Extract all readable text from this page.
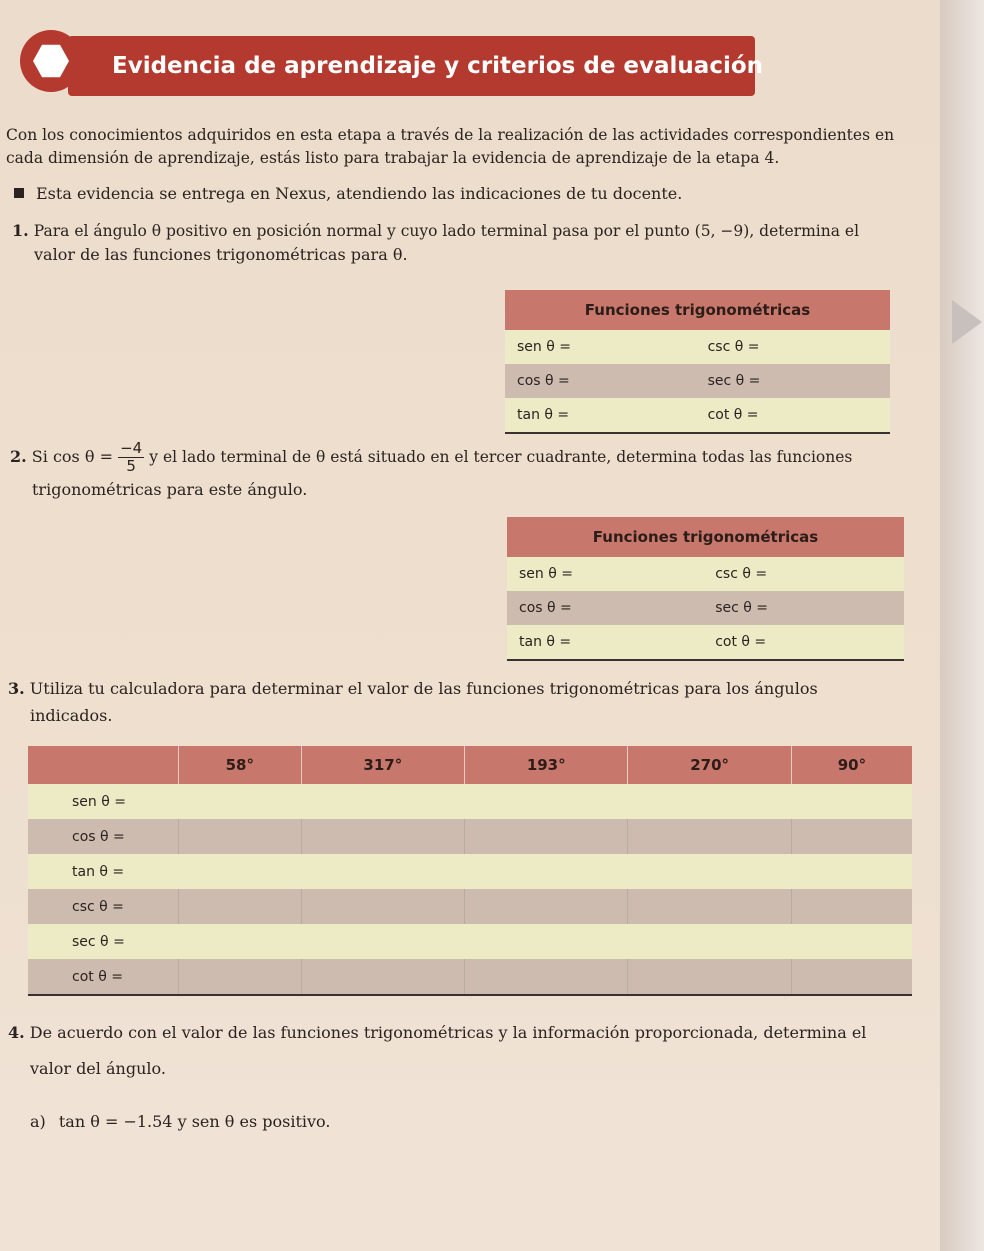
Evidencia de aprendizaje y criterios de evaluación
Con los conocimientos adquiridos en esta etapa a través de la realización de las actividades correspondientes en
cada dimensión de aprendizaje, estás listo para trabajar la evidencia de aprendizaje de la etapa 4.
Esta evidencia se entrega en Nexus, atendiendo las indicaciones de tu docente.
1. Para el ángulo θ positivo en posición normal y cuyo lado terminal pasa por el punto (5, −9), determina el
valor de las funciones trigonométricas para θ.
Funciones trigonométricas	
sen θ =	csc θ =
cos θ =	sec θ =
tan θ =	cot θ =
2. Si $\cos \theta = \frac{-4}{5}$ y el lado terminal de θ está situado en el tercer cuadrante, determina todas las funciones
trigonométricas para este ángulo.
Funciones trigonométricas	
sen θ =	csc θ =
cos θ =	sec θ =
tan θ =	cot θ =
3. Utiliza tu calculadora para determinar el valor de las funciones trigonométricas para los ángulos
indicados.
	58°	317°	193°	270°	90°
sen θ =					
cos θ =					
tan θ =					
csc θ =					
sec θ =					
cot θ =					
4. De acuerdo con el valor de las funciones trigonométricas y la información proporcionada, determina el
valor del ángulo.
a) tan θ = −1.54 y sen θ es positivo.
